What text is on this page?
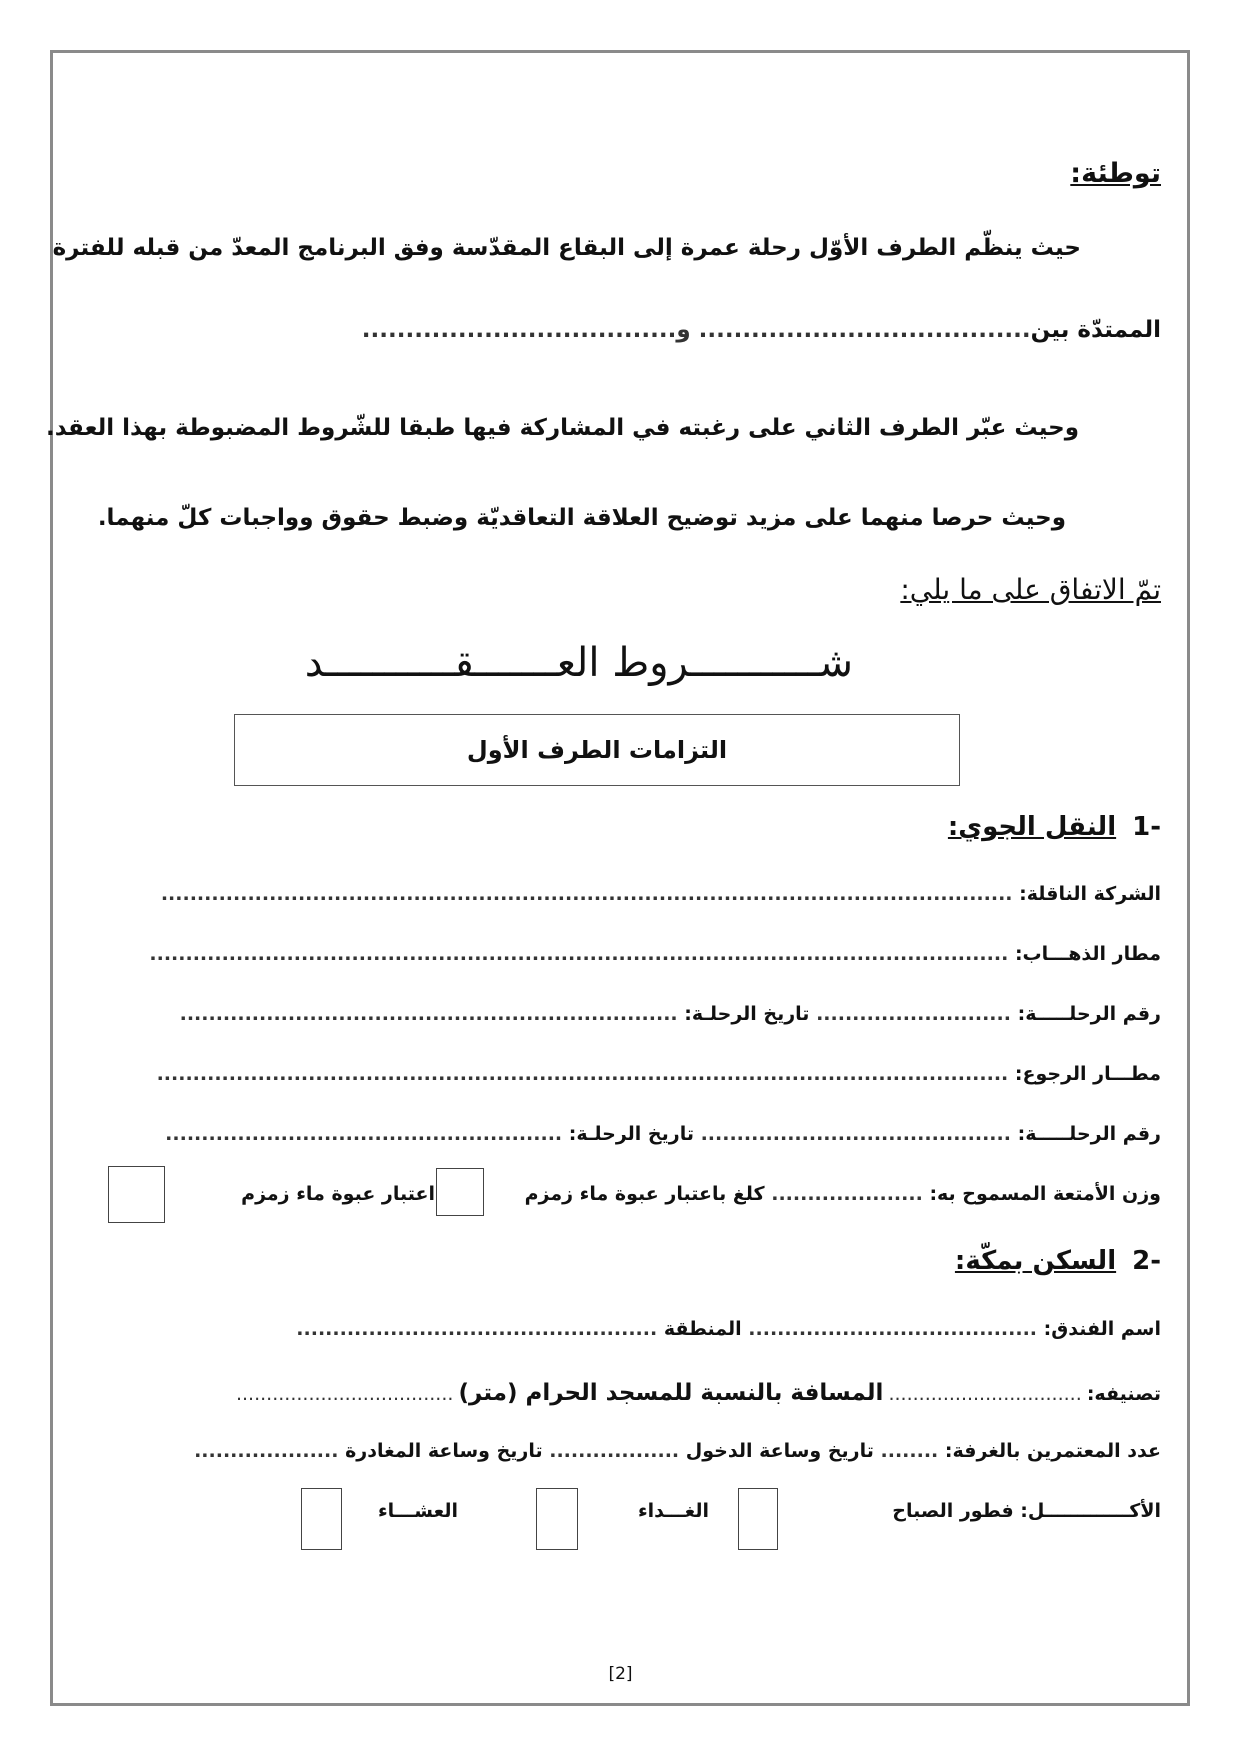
توطئة:
حيث ينظّم الطرف الأوّل رحلة عمرة إلى البقاع المقدّسة وفق البرنامج المعدّ من قبله للفترة
الممتدّة بين...................................... و....................................
وحيث عبّر الطرف الثاني على رغبته في المشاركة فيها طبقا للشّروط المضبوطة بهذا العقد.
وحيث حرصا منهما على مزيد توضيح العلاقة التعاقديّة وضبط حقوق وواجبات كلّ منهما.
تمّ الاتفاق على ما يلي:
شـــــــــــروط العـــــــقـــــــــــد
التزامات الطرف الأول
-1النقل الجوي:
الشركة الناقلة: ......................................................................................................................
مطار الذهـــاب: .......................................................................................................................
رقم الرحلـــــة: ........................... تاريخ الرحلـة: .....................................................................
مطـــار الرجوع: ......................................................................................................................
رقم الرحلـــــة: ........................................... تاريخ الرحلـة: .......................................................
وزن الأمتعة المسموح به: ..................... كلغ باعتبار عبوة ماء زمزم
اعتبار عبوة ماء زمزم
-2السكن بمكّة:
اسم الفندق: ........................................ المنطقة ..................................................
تصنيفه: ................................ المسافة بالنسبة للمسجد الحرام (متر) ....................................
عدد المعتمرين بالغرفة: ........ تاريخ وساعة الدخول .................. تاريخ وساعة المغادرة ....................
الأكـــــــــــــل: فطور الصباح
الغـــداء
العشـــاء
[2]
